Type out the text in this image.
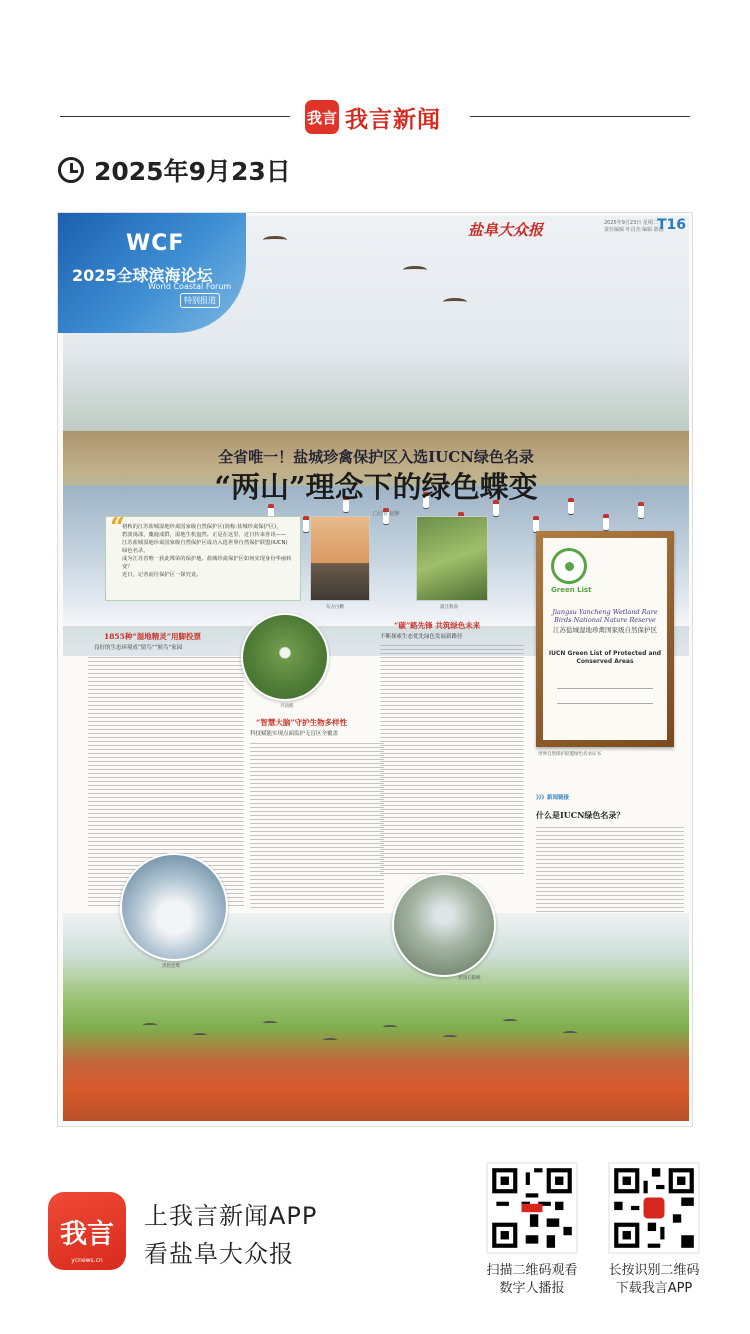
我言 我言新闻
2025年9月23日
WCF
2025全球滨海论坛
World Coastal Forum
特别报道
盐阜大众报	2025年9月23日 星期二
责任编辑 叶昌杰 编辑 陈锴
T16
全省唯一！盐城珍禽保护区入选IUCN绿色名录
“两山”理念下的绿色蝶变
□记者 赵静
“

初秋的江苏盐城湿地珍禽国家级自然保护区(简称:盐城珍禽保护区)，

碧波荡漾，麋鹿成群，湿地生机盎然。正是在这里，近日传来喜讯——

江苏盐城湿地珍禽国家级自然保护区成功入选世界自然保护联盟(IUCN)绿色名录，

成为江苏省唯一获此殊荣的保护地。盐城珍禽保护区如何实现身份华丽转变？

近日，记者前往保护区一探究竟。

东方白鹳	震旦鸦雀
Green List
Jiangsu Yancheng Wetland Rare Birds National Nature Reserve
江苏盐城湿地珍禽国家级自然保护区
IUCN Green List of Protected and Conserved Areas
世界自然保护联盟绿色名录证书
1855种“湿地精灵”用脚投票
良好的生态环境成“留鸟”“候鸟”家园
丹顶鹤
“智慧大脑”守护生物多样性
科技赋能实现点面监护无盲区全覆盖
“碳”路先锋 共筑绿色未来
不断探索生态优先绿色发展新路径
》》》新闻链接
什么是IUCN绿色名录？
黑脸琵鹭
黑翅长脚鹬
我言
ycnews.cn
上我言新闻APP
看盐阜大众报
扫描二维码观看
数字人播报
长按识别二维码
下载我言APP
